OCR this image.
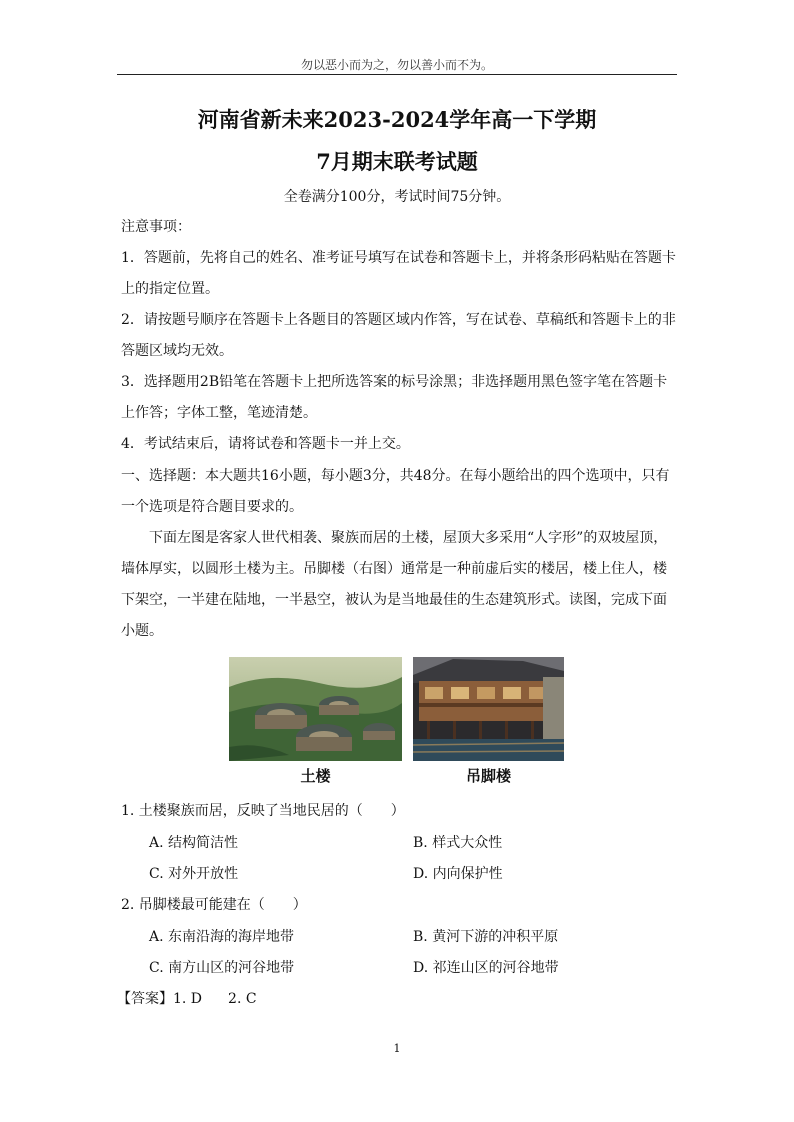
勿以恶小而为之，勿以善小而不为。
河南省新未来2023-2024学年高一下学期
7月期末联考试题
全卷满分100分，考试时间75分钟。
注意事项：
1．答题前，先将自己的姓名、准考证号填写在试卷和答题卡上，并将条形码粘贴在答题卡上的指定位置。
2．请按题号顺序在答题卡上各题目的答题区域内作答，写在试卷、草稿纸和答题卡上的非答题区域均无效。
3．选择题用2B铅笔在答题卡上把所选答案的标号涂黑；非选择题用黑色签字笔在答题卡上作答；字体工整，笔迹清楚。
4．考试结束后，请将试卷和答题卡一并上交。
一、选择题：本大题共16小题，每小题3分，共48分。在每小题给出的四个选项中，只有一个选项是符合题目要求的。
下面左图是客家人世代相袭、聚族而居的土楼，屋顶大多采用“人字形”的双坡屋顶，墙体厚实，以圆形土楼为主。吊脚楼（右图）通常是一种前虚后实的楼居，楼上住人，楼下架空，一半建在陆地，一半悬空，被认为是当地最佳的生态建筑形式。读图，完成下面小题。
土楼	吊脚楼
1. 土楼聚族而居，反映了当地民居的（　　）
A. 结构简洁性	B. 样式大众性
C. 对外开放性	D. 内向保护性
2. 吊脚楼最可能建在（　　）
A. 东南沿海的海岸地带	B. 黄河下游的冲积平原
C. 南方山区的河谷地带	D. 祁连山区的河谷地带
【答案】1. D 2. C
1
